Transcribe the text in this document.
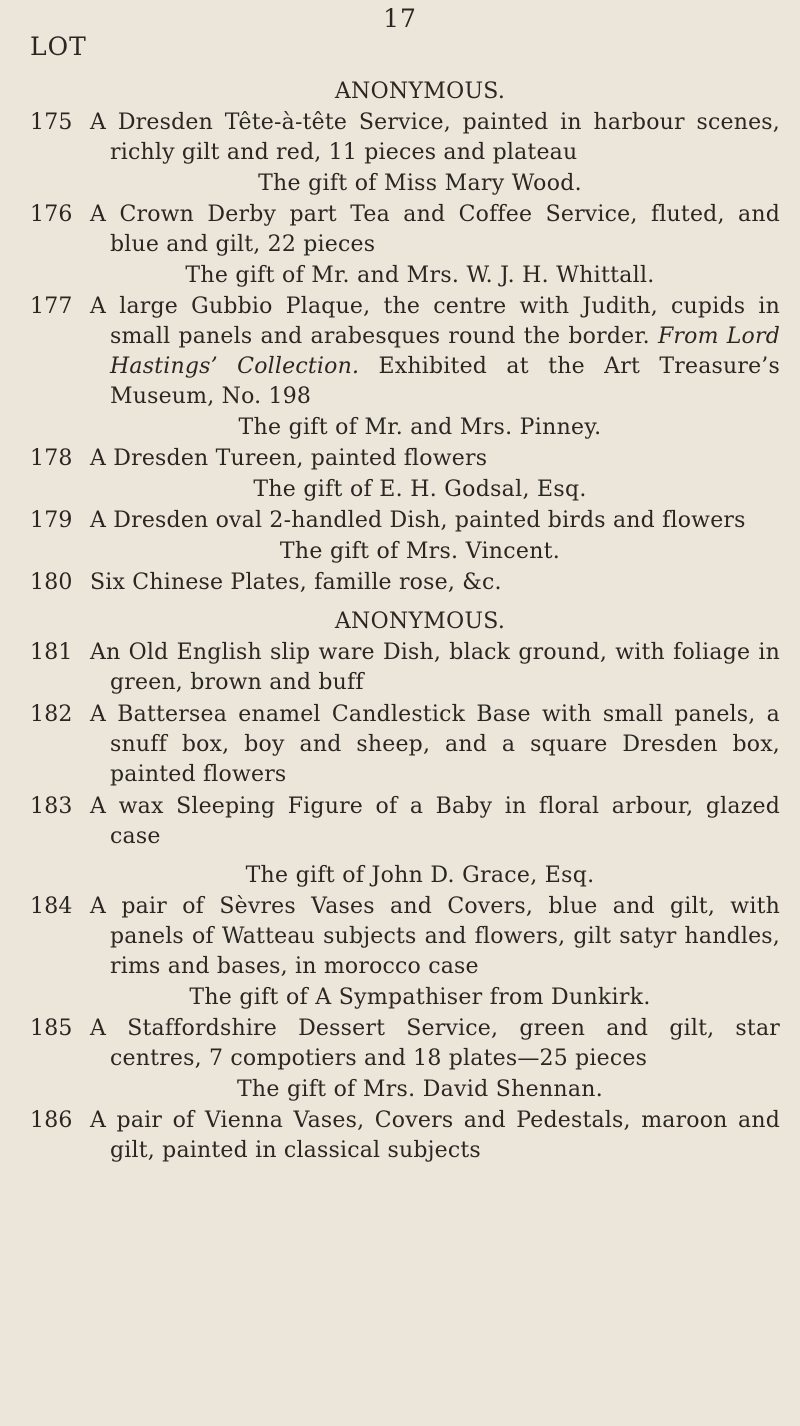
17
LOT
ANONYMOUS.
175 A Dresden Tête-à-tête Service, painted in harbour scenes, richly gilt and red, 11 pieces and plateau
The gift of Miss Mary Wood.
176 A Crown Derby part Tea and Coffee Service, fluted, and blue and gilt, 22 pieces
The gift of Mr. and Mrs. W. J. H. Whittall.
177 A large Gubbio Plaque, the centre with Judith, cupids in small panels and arabesques round the border. From Lord Hastings’ Collection. Exhibited at the Art Treasure’s Museum, No. 198
The gift of Mr. and Mrs. Pinney.
178 A Dresden Tureen, painted flowers
The gift of E. H. Godsal, Esq.
179 A Dresden oval 2-handled Dish, painted birds and flowers
The gift of Mrs. Vincent.
180 Six Chinese Plates, famille rose, &c.
ANONYMOUS.
181 An Old English slip ware Dish, black ground, with foliage in green, brown and buff
182 A Battersea enamel Candlestick Base with small panels, a snuff box, boy and sheep, and a square Dresden box, painted flowers
183 A wax Sleeping Figure of a Baby in floral arbour, glazed case
The gift of John D. Grace, Esq.
184 A pair of Sèvres Vases and Covers, blue and gilt, with panels of Watteau subjects and flowers, gilt satyr handles, rims and bases, in morocco case
The gift of A Sympathiser from Dunkirk.
185 A Staffordshire Dessert Service, green and gilt, star centres, 7 compotiers and 18 plates—25 pieces
The gift of Mrs. David Shennan.
186 A pair of Vienna Vases, Covers and Pedestals, maroon and gilt, painted in classical subjects
